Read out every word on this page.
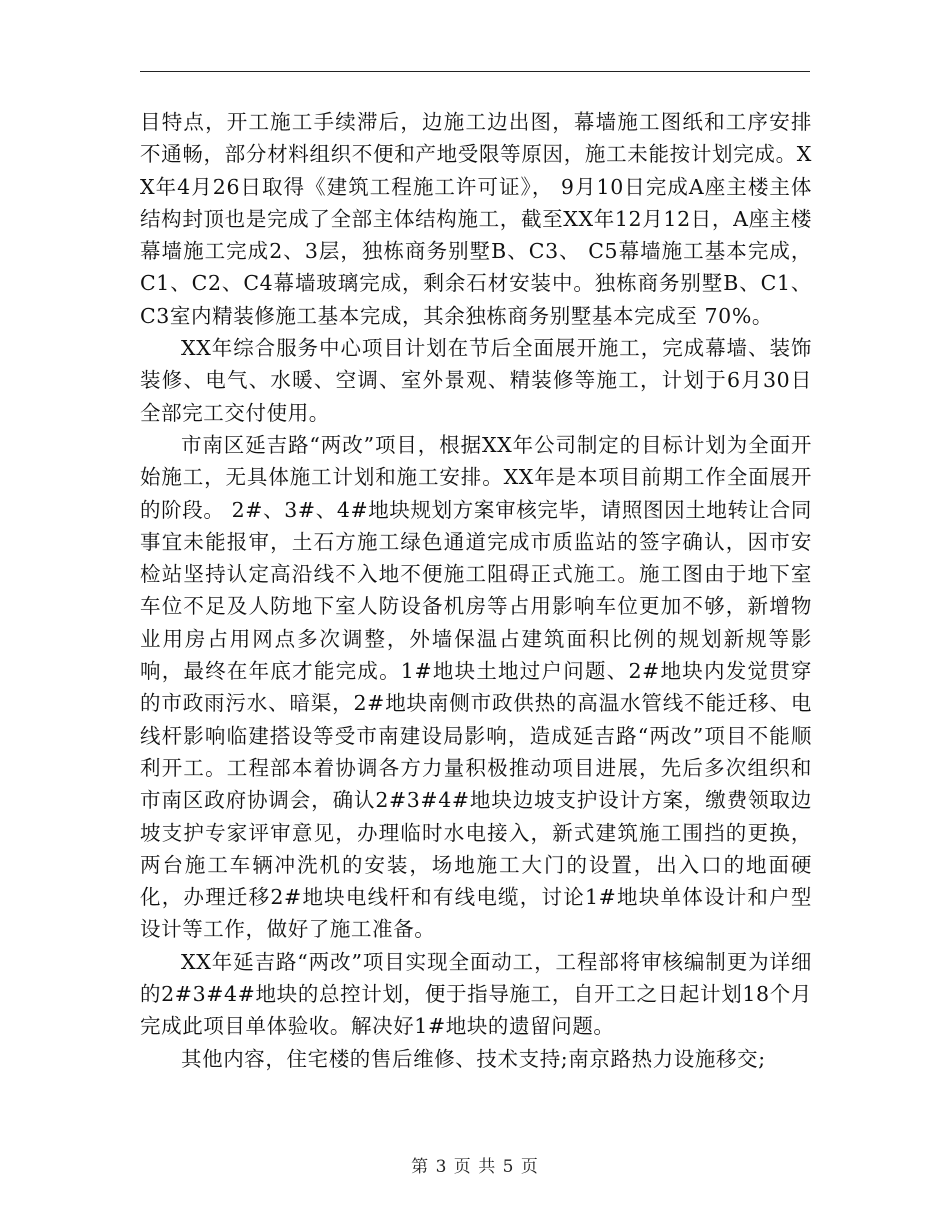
目特点，开工施工手续滞后，边施工边出图，幕墙施工图纸和工序安排不通畅，部分材料组织不便和产地受限等原因，施工未能按计划完成。XX年4月26日取得《建筑工程施工许可证》， 9月10日完成A座主楼主体结构封顶也是完成了全部主体结构施工，截至XX年12月12日，A座主楼幕墙施工完成2、3层，独栋商务别墅B、C3、 C5幕墙施工基本完成，C1、C2、C4幕墙玻璃完成，剩余石材安装中。独栋商务别墅B、C1、C3室内精装修施工基本完成，其余独栋商务别墅基本完成至 70%。

XX年综合服务中心项目计划在节后全面展开施工，完成幕墙、装饰装修、电气、水暖、空调、室外景观、精装修等施工，计划于6月30日全部完工交付使用。

市南区延吉路“两改”项目，根据XX年公司制定的目标计划为全面开始施工，无具体施工计划和施工安排。XX年是本项目前期工作全面展开的阶段。 2#、3#、4#地块规划方案审核完毕，请照图因土地转让合同事宜未能报审，土石方施工绿色通道完成市质监站的签字确认，因市安检站坚持认定高沿线不入地不便施工阻碍正式施工。施工图由于地下室车位不足及人防地下室人防设备机房等占用影响车位更加不够，新增物业用房占用网点多次调整，外墙保温占建筑面积比例的规划新规等影响，最终在年底才能完成。1#地块土地过户问题、2#地块内发觉贯穿的市政雨污水、暗渠，2#地块南侧市政供热的高温水管线不能迁移、电线杆影响临建搭设等受市南建设局影响，造成延吉路“两改”项目不能顺利开工。工程部本着协调各方力量积极推动项目进展，先后多次组织和市南区政府协调会，确认2#3#4#地块边坡支护设计方案，缴费领取边坡支护专家评审意见，办理临时水电接入，新式建筑施工围挡的更换，两台施工车辆冲洗机的安装，场地施工大门的设置，出入口的地面硬化，办理迁移2#地块电线杆和有线电缆，讨论1#地块单体设计和户型设计等工作，做好了施工准备。

XX年延吉路“两改”项目实现全面动工，工程部将审核编制更为详细的2#3#4#地块的总控计划，便于指导施工，自开工之日起计划18个月完成此项目单体验收。解决好1#地块的遗留问题。

其他内容，住宅楼的售后维修、技术支持;南京路热力设施移交;

第 3 页 共 5 页
